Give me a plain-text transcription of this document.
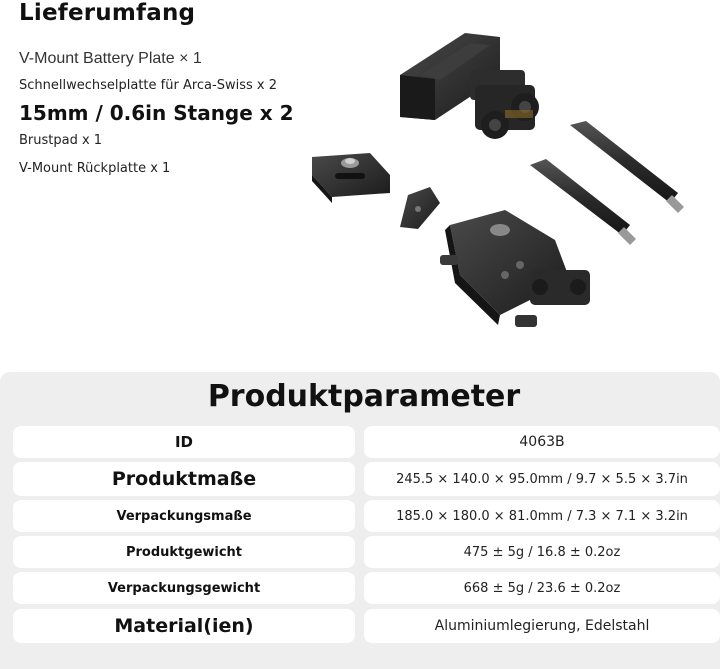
Lieferumfang
V-Mount Battery Plate × 1
Schnellwechselplatte für Arca-Swiss x 2
15mm / 0.6in Stange x 2
Brustpad x 1
V-Mount Rückplatte x 1
Produktparameter
ID	4063B
Produktmaße	245.5 × 140.0 × 95.0mm / 9.7 × 5.5 × 3.7in
Verpackungsmaße	185.0 × 180.0 × 81.0mm / 7.3 × 7.1 × 3.2in
Produktgewicht	475 ± 5g / 16.8 ± 0.2oz
Verpackungsgewicht	668 ± 5g / 23.6 ± 0.2oz
Material(ien)	Aluminiumlegierung, Edelstahl
